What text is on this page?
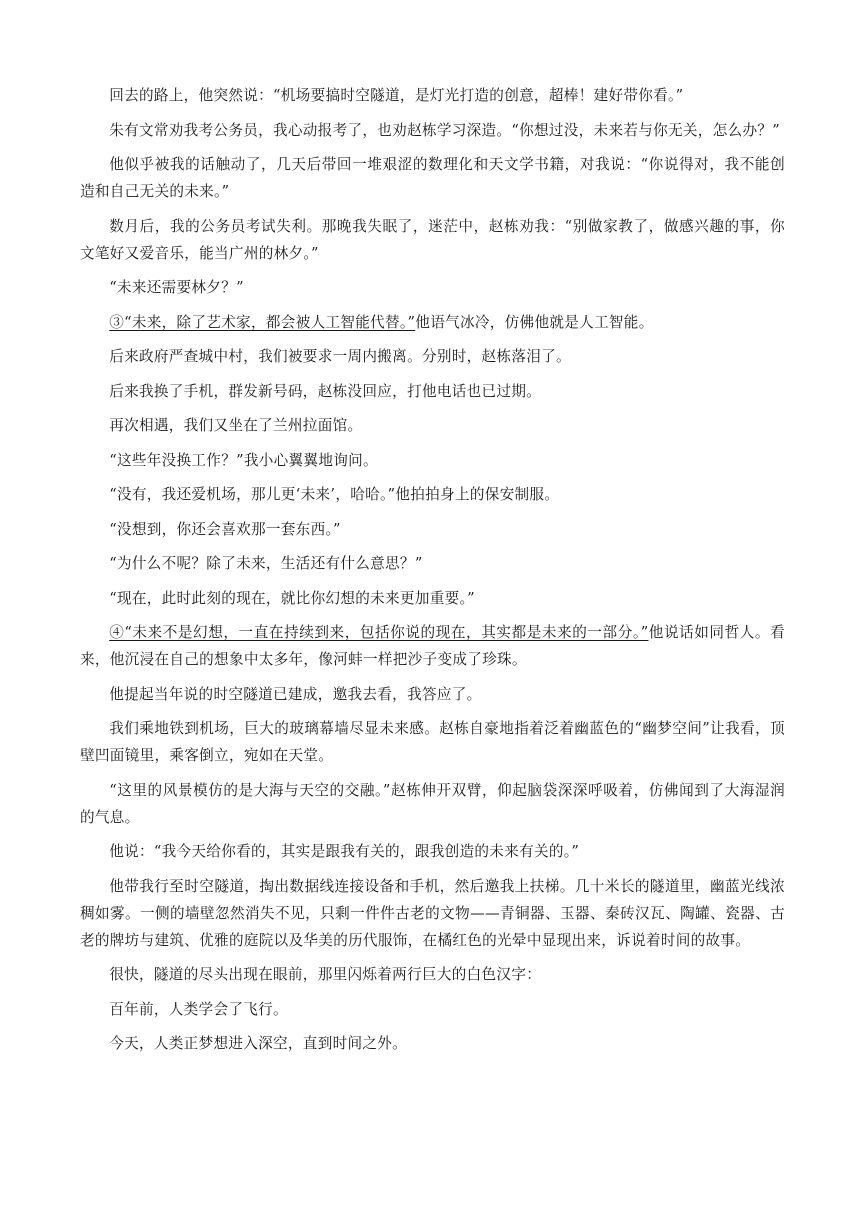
回去的路上，他突然说：“机场要搞时空隧道，是灯光打造的创意，超棒！建好带你看。”

朱有文常劝我考公务员，我心动报考了，也劝赵栋学习深造。“你想过没，未来若与你无关，怎么办？”

他似乎被我的话触动了，几天后带回一堆艰涩的数理化和天文学书籍，对我说：“你说得对，我不能创造和自己无关的未来。”

数月后，我的公务员考试失利。那晚我失眠了，迷茫中，赵栋劝我：“别做家教了，做感兴趣的事，你文笔好又爱音乐，能当广州的林夕。”

“未来还需要林夕？”

③“未来，除了艺术家，都会被人工智能代替。”他语气冰冷，仿佛他就是人工智能。

后来政府严查城中村，我们被要求一周内搬离。分别时，赵栋落泪了。

后来我换了手机，群发新号码，赵栋没回应，打他电话也已过期。

再次相遇，我们又坐在了兰州拉面馆。

“这些年没换工作？”我小心翼翼地询问。

“没有，我还爱机场，那儿更‘未来’，哈哈。”他拍拍身上的保安制服。

“没想到，你还会喜欢那一套东西。”

“为什么不呢？除了未来，生活还有什么意思？”

“现在，此时此刻的现在，就比你幻想的未来更加重要。”

④“未来不是幻想，一直在持续到来，包括你说的现在，其实都是未来的一部分。”他说话如同哲人。看来，他沉浸在自己的想象中太多年，像河蚌一样把沙子变成了珍珠。

他提起当年说的时空隧道已建成，邀我去看，我答应了。

我们乘地铁到机场，巨大的玻璃幕墙尽显未来感。赵栋自豪地指着泛着幽蓝色的“幽梦空间”让我看，顶壁凹面镜里，乘客倒立，宛如在天堂。

“这里的风景模仿的是大海与天空的交融。”赵栋伸开双臂，仰起脑袋深深呼吸着，仿佛闻到了大海湿润的气息。

他说：“我今天给你看的，其实是跟我有关的，跟我创造的未来有关的。”

他带我行至时空隧道，掏出数据线连接设备和手机，然后邀我上扶梯。几十米长的隧道里，幽蓝光线浓稠如雾。一侧的墙壁忽然消失不见，只剩一件件古老的文物——青铜器、玉器、秦砖汉瓦、陶罐、瓷器、古老的牌坊与建筑、优雅的庭院以及华美的历代服饰，在橘红色的光晕中显现出来，诉说着时间的故事。

很快，隧道的尽头出现在眼前，那里闪烁着两行巨大的白色汉字：

百年前，人类学会了飞行。

今天，人类正梦想进入深空，直到时间之外。
